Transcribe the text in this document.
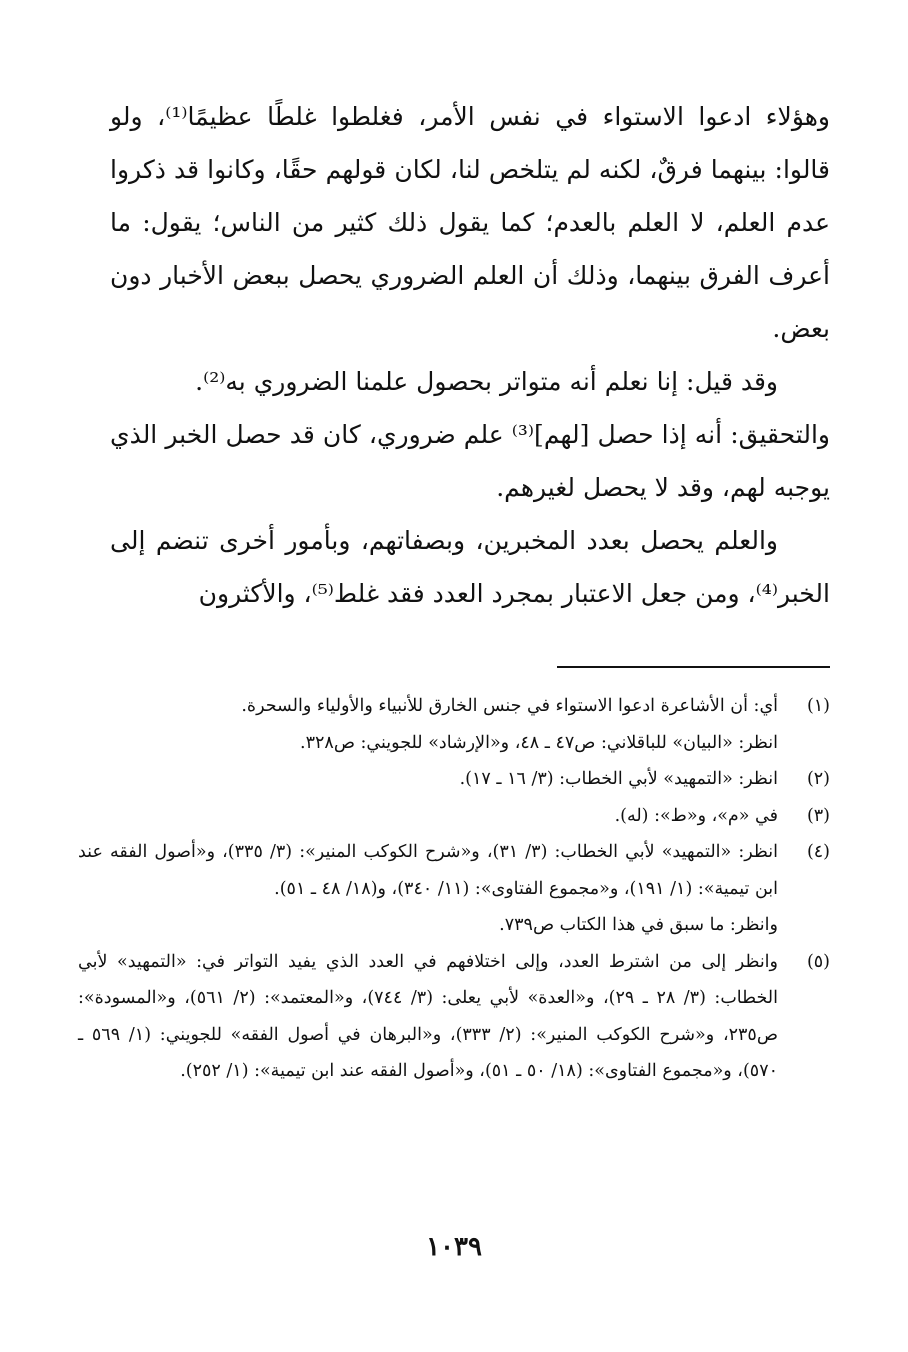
وهؤلاء ادعوا الاستواء في نفس الأمر، فغلطوا غلطًا عظيمًا⁽¹⁾، ولو قالوا: بينهما فرقٌ، لكنه لم يتلخص لنا، لكان قولهم حقًا، وكانوا قد ذكروا عدم العلم، لا العلم بالعدم؛ كما يقول ذلك كثير من الناس؛ يقول: ما أعرف الفرق بينهما، وذلك أن العلم الضروري يحصل ببعض الأخبار دون بعض.

وقد قيل: إنا نعلم أنه متواتر بحصول علمنا الضروري به⁽²⁾.

والتحقيق: أنه إذا حصل [لهم]⁽³⁾ علم ضروري، كان قد حصل الخبر الذي يوجبه لهم، وقد لا يحصل لغيرهم.

والعلم يحصل بعدد المخبرين، وبصفاتهم، وبأمور أخرى تنضم إلى الخبر⁽⁴⁾، ومن جعل الاعتبار بمجرد العدد فقد غلط⁽⁵⁾، والأكثرون

(١)
أي: أن الأشاعرة ادعوا الاستواء في جنس الخارق للأنبياء والأولياء والسحرة.
انظر: «البيان» للباقلاني: ص٤٧ ـ ٤٨، و«الإرشاد» للجويني: ص٣٢٨.
(٢)
انظر: «التمهيد» لأبي الخطاب: (٣/ ١٦ ـ ١٧).
(٣)
في «م»، و«ط»: (له).
(٤)
انظر: «التمهيد» لأبي الخطاب: (٣/ ٣١)، و«شرح الكوكب المنير»: (٣/ ٣٣٥)، و«أصول الفقه عند ابن تيمية»: (١/ ١٩١)، و«مجموع الفتاوى»: (١١/ ٣٤٠)، و(١٨/ ٤٨ ـ ٥١).
وانظر: ما سبق في هذا الكتاب ص٧٣٩.
(٥)
وانظر إلى من اشترط العدد، وإلى اختلافهم في العدد الذي يفيد التواتر في: «التمهيد» لأبي الخطاب: (٣/ ٢٨ ـ ٢٩)، و«العدة» لأبي يعلى: (٣/ ٧٤٤)، و«المعتمد»: (٢/ ٥٦١)، و«المسودة»: ص٢٣٥، و«شرح الكوكب المنير»: (٢/ ٣٣٣)، و«البرهان في أصول الفقه» للجويني: (١/ ٥٦٩ ـ ٥٧٠)، و«مجموع الفتاوى»: (١٨/ ٥٠ ـ ٥١)، و«أصول الفقه عند ابن تيمية»: (١/ ٢٥٢).
١٠٣٩
